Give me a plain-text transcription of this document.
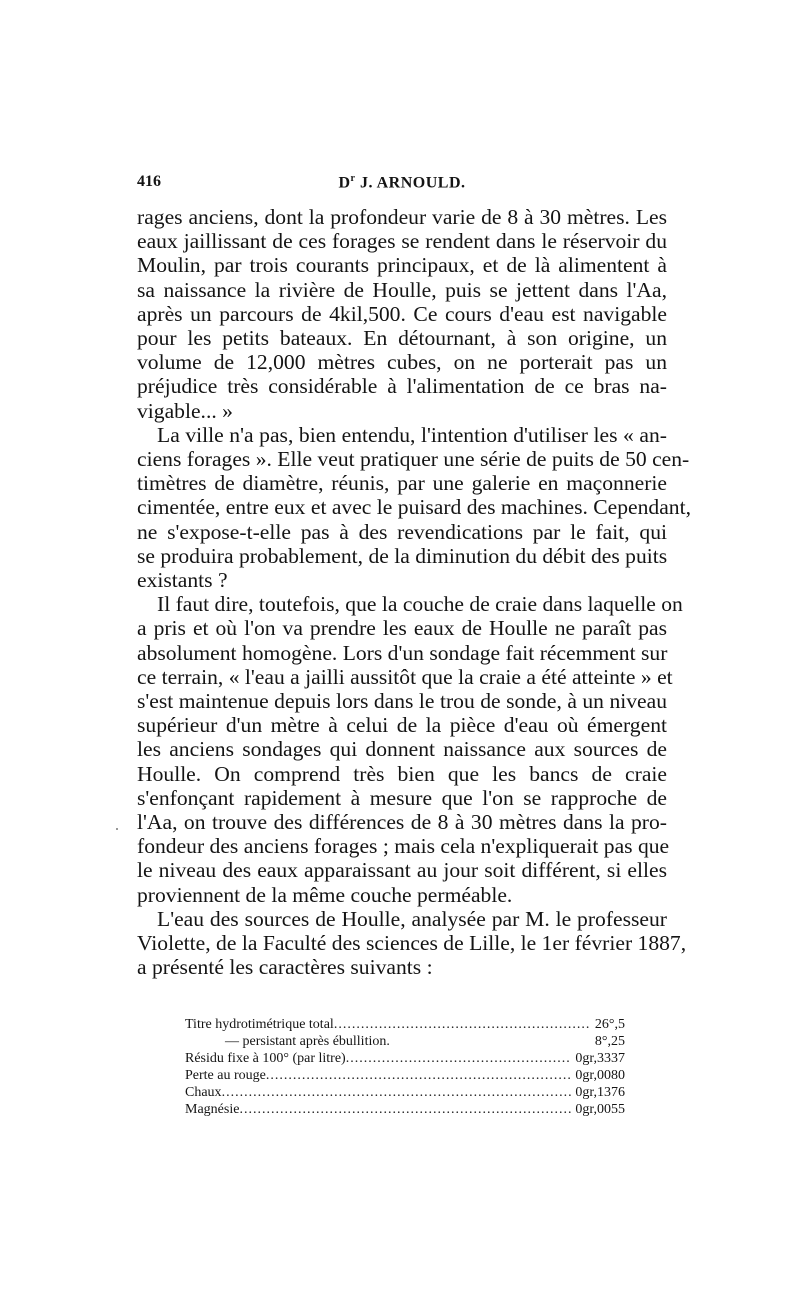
416	$D^r$ J. ARNOULD.
rages anciens, dont la profondeur varie de 8 à 30 mètres. Les
eaux jaillissant de ces forages se rendent dans le réservoir du
Moulin, par trois courants principaux, et de là alimentent à
sa naissance la rivière de Houlle, puis se jettent dans l'Aa,
après un parcours de 4kil,500. Ce cours d'eau est navigable
pour les petits bateaux. En détournant, à son origine, un
volume de 12,000 mètres cubes, on ne porterait pas un
préjudice très considérable à l'alimentation de ce bras na-
vigable... »
La ville n'a pas, bien entendu, l'intention d'utiliser les « an-
ciens forages ». Elle veut pratiquer une série de puits de 50 cen-
timètres de diamètre, réunis, par une galerie en maçonnerie
cimentée, entre eux et avec le puisard des machines. Cependant,
ne s'expose-t-elle pas à des revendications par le fait, qui
se produira probablement, de la diminution du débit des puits
existants ?
Il faut dire, toutefois, que la couche de craie dans laquelle on
a pris et où l'on va prendre les eaux de Houlle ne paraît pas
absolument homogène. Lors d'un sondage fait récemment sur
ce terrain, « l'eau a jailli aussitôt que la craie a été atteinte » et
s'est maintenue depuis lors dans le trou de sonde, à un niveau
supérieur d'un mètre à celui de la pièce d'eau où émergent
les anciens sondages qui donnent naissance aux sources de
Houlle. On comprend très bien que les bancs de craie
s'enfonçant rapidement à mesure que l'on se rapproche de
l'Aa, on trouve des différences de 8 à 30 mètres dans la pro-
fondeur des anciens forages ; mais cela n'expliquerait pas que
le niveau des eaux apparaissant au jour soit différent, si elles
proviennent de la même couche perméable.
L'eau des sources de Houlle, analysée par M. le professeur
Violette, de la Faculté des sciences de Lille, le 1er février 1887,
a présenté les caractères suivants :
Titre hydrotimétrique total .....	26°,5
— persistant après ébullition.	8°,25
Résidu fixe à 100° (par litre) .....	0gr,3337
Perte au rouge .....	0gr,0080
Chaux .....	0gr,1376
Magnésie .....	0gr,0055
